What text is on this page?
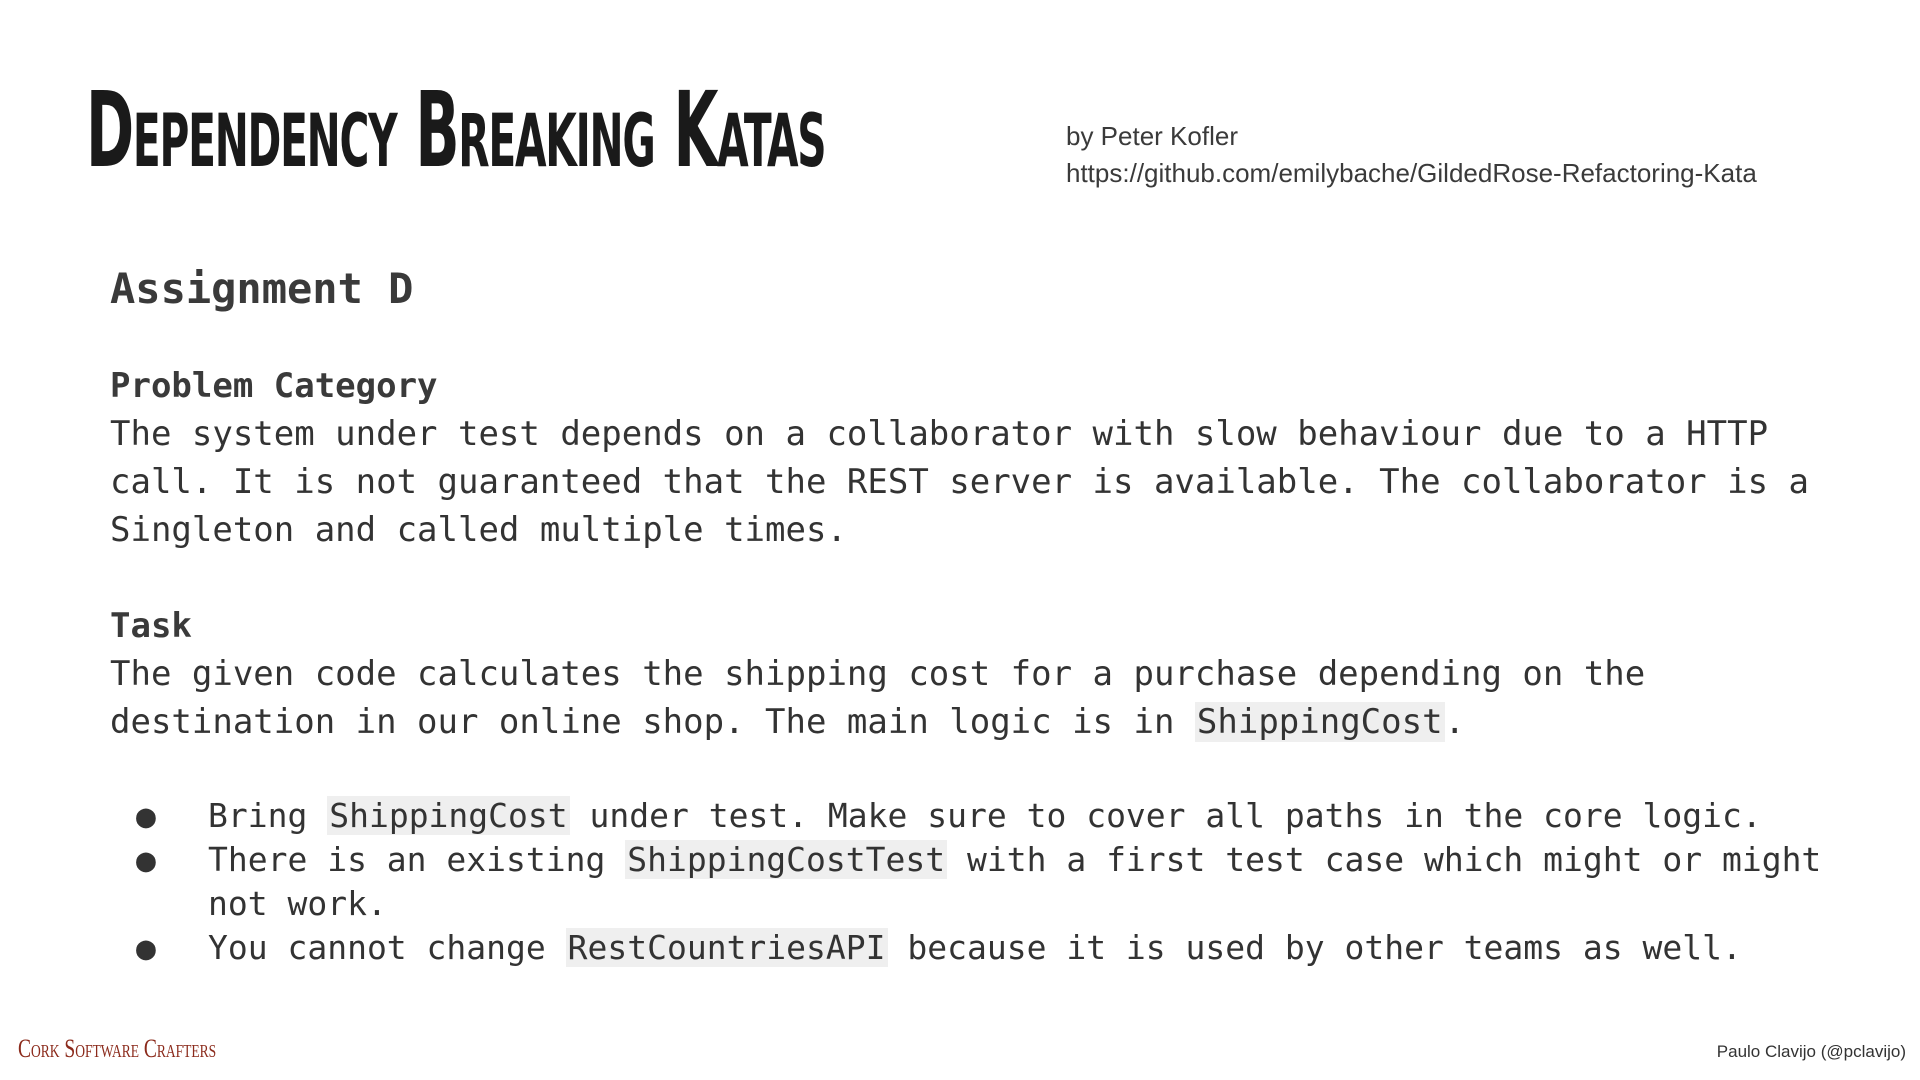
Dependency Breaking Katas	by Peter Kofler
https://github.com/emilybache/GildedRose-Refactoring-Kata
Assignment D
Problem Category
The system under test depends on a collaborator with slow behaviour due to a HTTP call. It is not guaranteed that the REST server is available. The collaborator is a Singleton and called multiple times.
Task
The given code calculates the shipping cost for a purchase depending on the destination in our online shop. The main logic is in ShippingCost.
● Bring ShippingCost under test. Make sure to cover all paths in the core logic.
● There is an existing ShippingCostTest with a first test case which might or might not work.
● You cannot change RestCountriesAPI because it is used by other teams as well.
Cork Software Crafters	Paulo Clavijo (@pclavijo)
